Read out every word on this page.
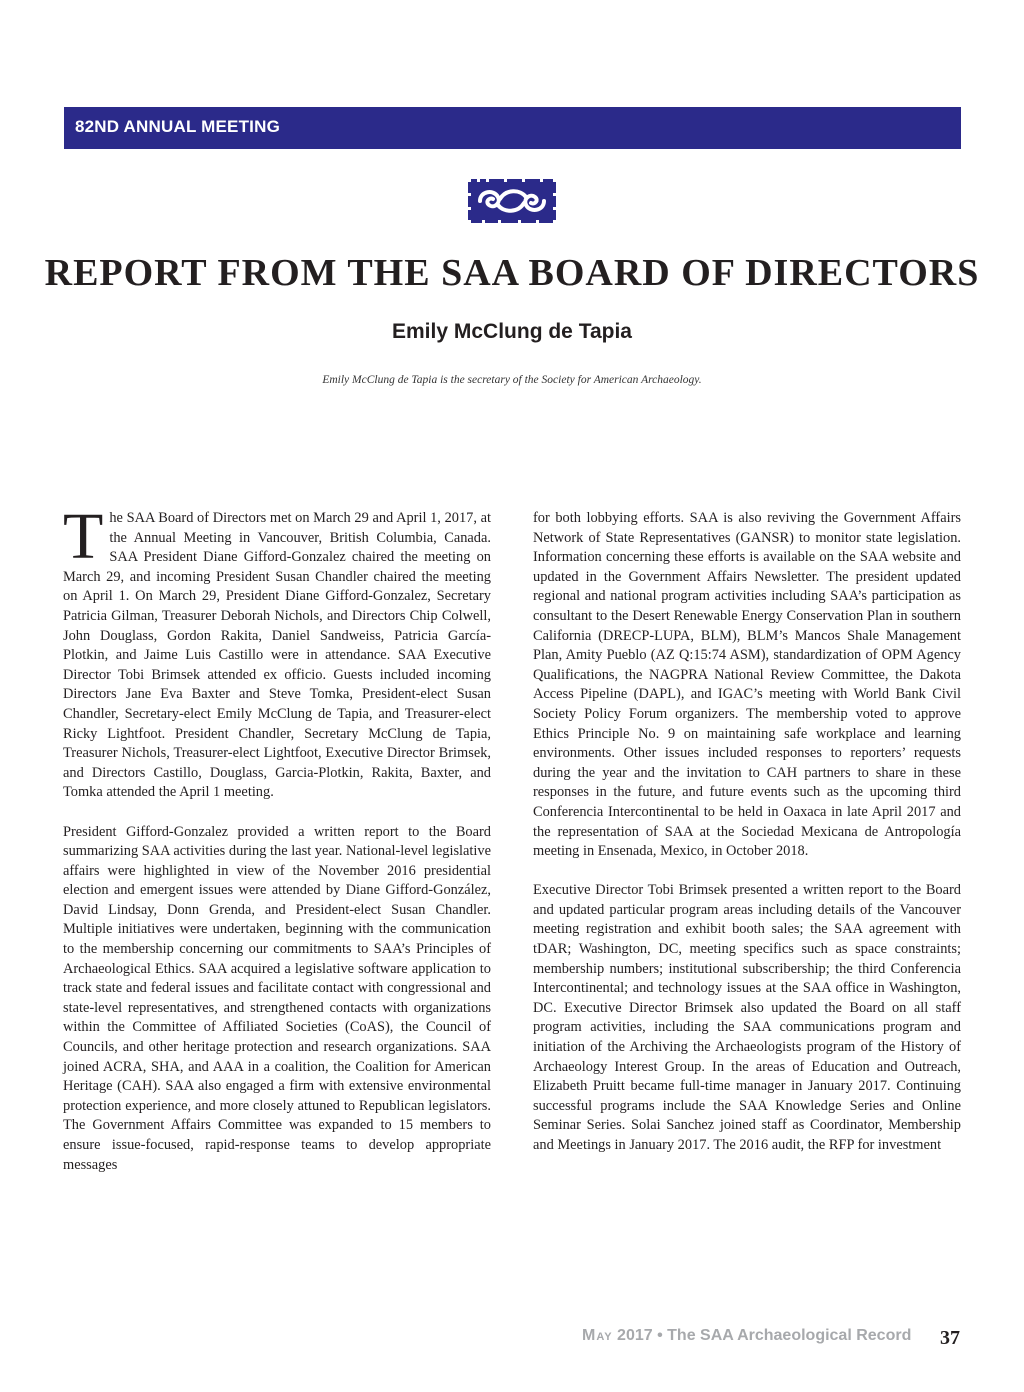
82ND ANNUAL MEETING
REPORT FROM THE SAA BOARD OF DIRECTORS
Emily McClung de Tapia
Emily McClung de Tapia is the secretary of the Society for American Archaeology.

The SAA Board of Directors met on March 29 and April 1, 2017, at the Annual Meeting in Vancouver, British Columbia, Canada. SAA President Diane Gifford-Gonzalez chaired the meeting on March 29, and incoming President Susan Chandler chaired the meeting on April 1. On March 29, President Diane Gifford-Gonzalez, Secretary Patricia Gilman, Treasurer Deborah Nichols, and Directors Chip Colwell, John Douglass, Gordon Rakita, Daniel Sandweiss, Patricia García-Plotkin, and Jaime Luis Castillo were in attendance. SAA Executive Director Tobi Brimsek attended ex officio. Guests included incoming Directors Jane Eva Baxter and Steve Tomka, President-elect Susan Chandler, Secretary-elect Emily McClung de Tapia, and Treasurer-elect Ricky Lightfoot. President Chandler, Secretary McClung de Tapia, Treasurer Nichols, Treasurer-elect Lightfoot, Executive Director Brimsek, and Directors Castillo, Douglass, Garcia-Plotkin, Rakita, Baxter, and Tomka attended the April 1 meeting.

President Gifford-Gonzalez provided a written report to the Board summarizing SAA activities during the last year. National-level legislative affairs were highlighted in view of the November 2016 presidential election and emergent issues were attended by Diane Gifford-González, David Lindsay, Donn Grenda, and President-elect Susan Chandler. Multiple initiatives were undertaken, beginning with the communication to the membership concerning our commitments to SAA’s Principles of Archaeological Ethics. SAA acquired a legislative software application to track state and federal issues and facilitate contact with congressional and state-level representatives, and strengthened contacts with organizations within the Committee of Affiliated Societies (CoAS), the Council of Councils, and other heritage protection and research organizations. SAA joined ACRA, SHA, and AAA in a coalition, the Coalition for American Heritage (CAH). SAA also engaged a firm with extensive environmental protection experience, and more closely attuned to Republican legislators. The Government Affairs Committee was expanded to 15 members to ensure issue-focused, rapid-response teams to develop appropriate messages

for both lobbying efforts. SAA is also reviving the Government Affairs Network of State Representatives (GANSR) to monitor state legislation. Information concerning these efforts is available on the SAA website and updated in the Government Affairs Newsletter. The president updated regional and national program activities including SAA’s participation as consultant to the Desert Renewable Energy Conservation Plan in southern California (DRECP-LUPA, BLM), BLM’s Mancos Shale Management Plan, Amity Pueblo (AZ Q:15:74 ASM), standardization of OPM Agency Qualifications, the NAGPRA National Review Committee, the Dakota Access Pipeline (DAPL), and IGAC’s meeting with World Bank Civil Society Policy Forum organizers. The membership voted to approve Ethics Principle No. 9 on maintaining safe workplace and learning environments. Other issues included responses to reporters’ requests during the year and the invitation to CAH partners to share in these responses in the future, and future events such as the upcoming third Conferencia Intercontinental to be held in Oaxaca in late April 2017 and the representation of SAA at the Sociedad Mexicana de Antropología meeting in Ensenada, Mexico, in October 2018.

Executive Director Tobi Brimsek presented a written report to the Board and updated particular program areas including details of the Vancouver meeting registration and exhibit booth sales; the SAA agreement with tDAR; Washington, DC, meeting specifics such as space constraints; membership numbers; institutional subscribership; the third Conferencia Intercontinental; and technology issues at the SAA office in Washington, DC. Executive Director Brimsek also updated the Board on all staff program activities, including the SAA communications program and initiation of the Archiving the Archaeologists program of the History of Archaeology Interest Group. In the areas of Education and Outreach, Elizabeth Pruitt became full-time manager in January 2017. Continuing successful programs include the SAA Knowledge Series and Online Seminar Series. Solai Sanchez joined staff as Coordinator, Membership and Meetings in January 2017. The 2016 audit, the RFP for investment

May 2017 • The SAA Archaeological Record 37
